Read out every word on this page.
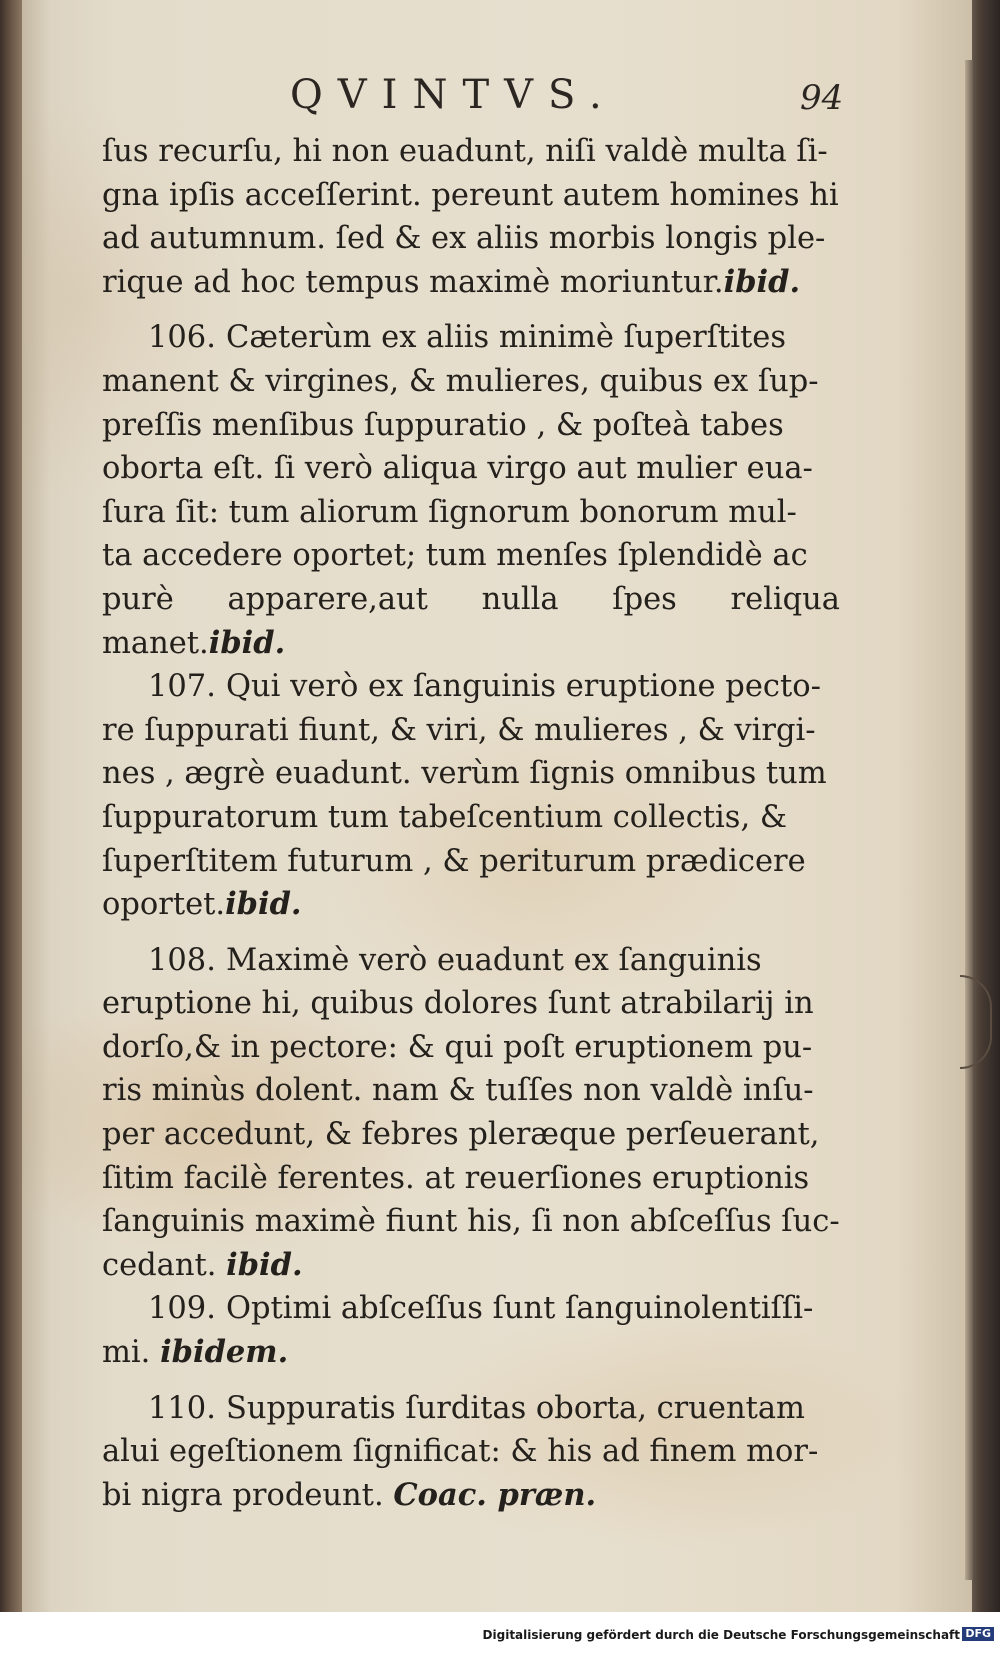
QVINTVS.	94
ſus recurſu, hi non euadunt, niſi valdè multa ſi-
gna ipſis acceſſerint. pereunt autem homines hi
ad autumnum. ſed & ex aliis morbis longis ple-
rique ad hoc tempus maximè moriuntur.ibid.
106. Cæterùm ex aliis minimè ſuperſtites
manent & virgines, & mulieres, quibus ex ſup-
preſſis menſibus ſuppuratio , & poſteà tabes
oborta eſt. ſi verò aliqua virgo aut mulier eua-
ſura ſit: tum aliorum ſignorum bonorum mul-
ta accedere oportet; tum menſes ſplendidè ac
purè apparere,aut nulla ſpes reliqua manet.ibid.
107. Qui verò ex ſanguinis eruptione pecto-
re ſuppurati fiunt, & viri, & mulieres , & virgi-
nes , ægrè euadunt. verùm ſignis omnibus tum
ſuppuratorum tum tabeſcentium collectis, &
ſuperſtitem futurum , & periturum prædicere
oportet.ibid.
108. Maximè verò euadunt ex ſanguinis
eruptione hi, quibus dolores ſunt atrabilarij in
dorſo,& in pectore: & qui poſt eruptionem pu-
ris minùs dolent. nam & tuſſes non valdè inſu-
per accedunt, & febres pleræque perſeuerant,
ſitim facilè ferentes. at reuerſiones eruptionis
ſanguinis maximè fiunt his, ſi non abſceſſus ſuc-
cedant. ibid.
109. Optimi abſceſſus ſunt ſanguinolentiſſi-
mi. ibidem.
110. Suppuratis ſurditas oborta, cruentam
alui egeſtionem ſignificat: & his ad finem mor-
bi nigra prodeunt. Coac. præn.
Digitalisierung gefördert durch die Deutsche Forschungsgemeinschaft DFG
